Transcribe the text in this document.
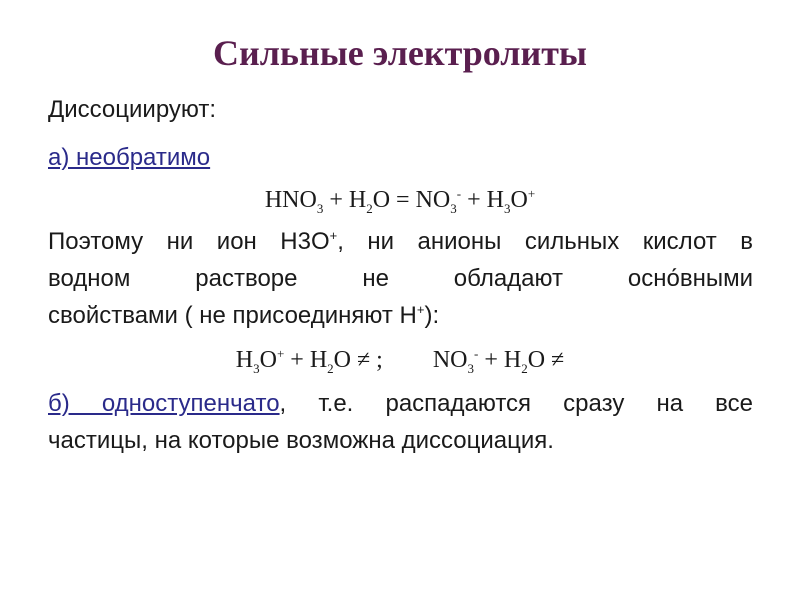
Сильные электролиты
Диссоциируют:
а) необратимо
$HNO_3 + H_2O = NO_3^- + H_3O^+$
Поэтому ни ион H3O+, ни анионы сильных кислот в
водном растворе не обладают осно́вными
свойствами ( не присоединяют H+):
$H_3O^+ + H_2O$ ≠ ; $NO_3^- + H_2O$ ≠
б) одноступенчато, т.е. распадаются сразу на все
частицы, на которые возможна диссоциация.
